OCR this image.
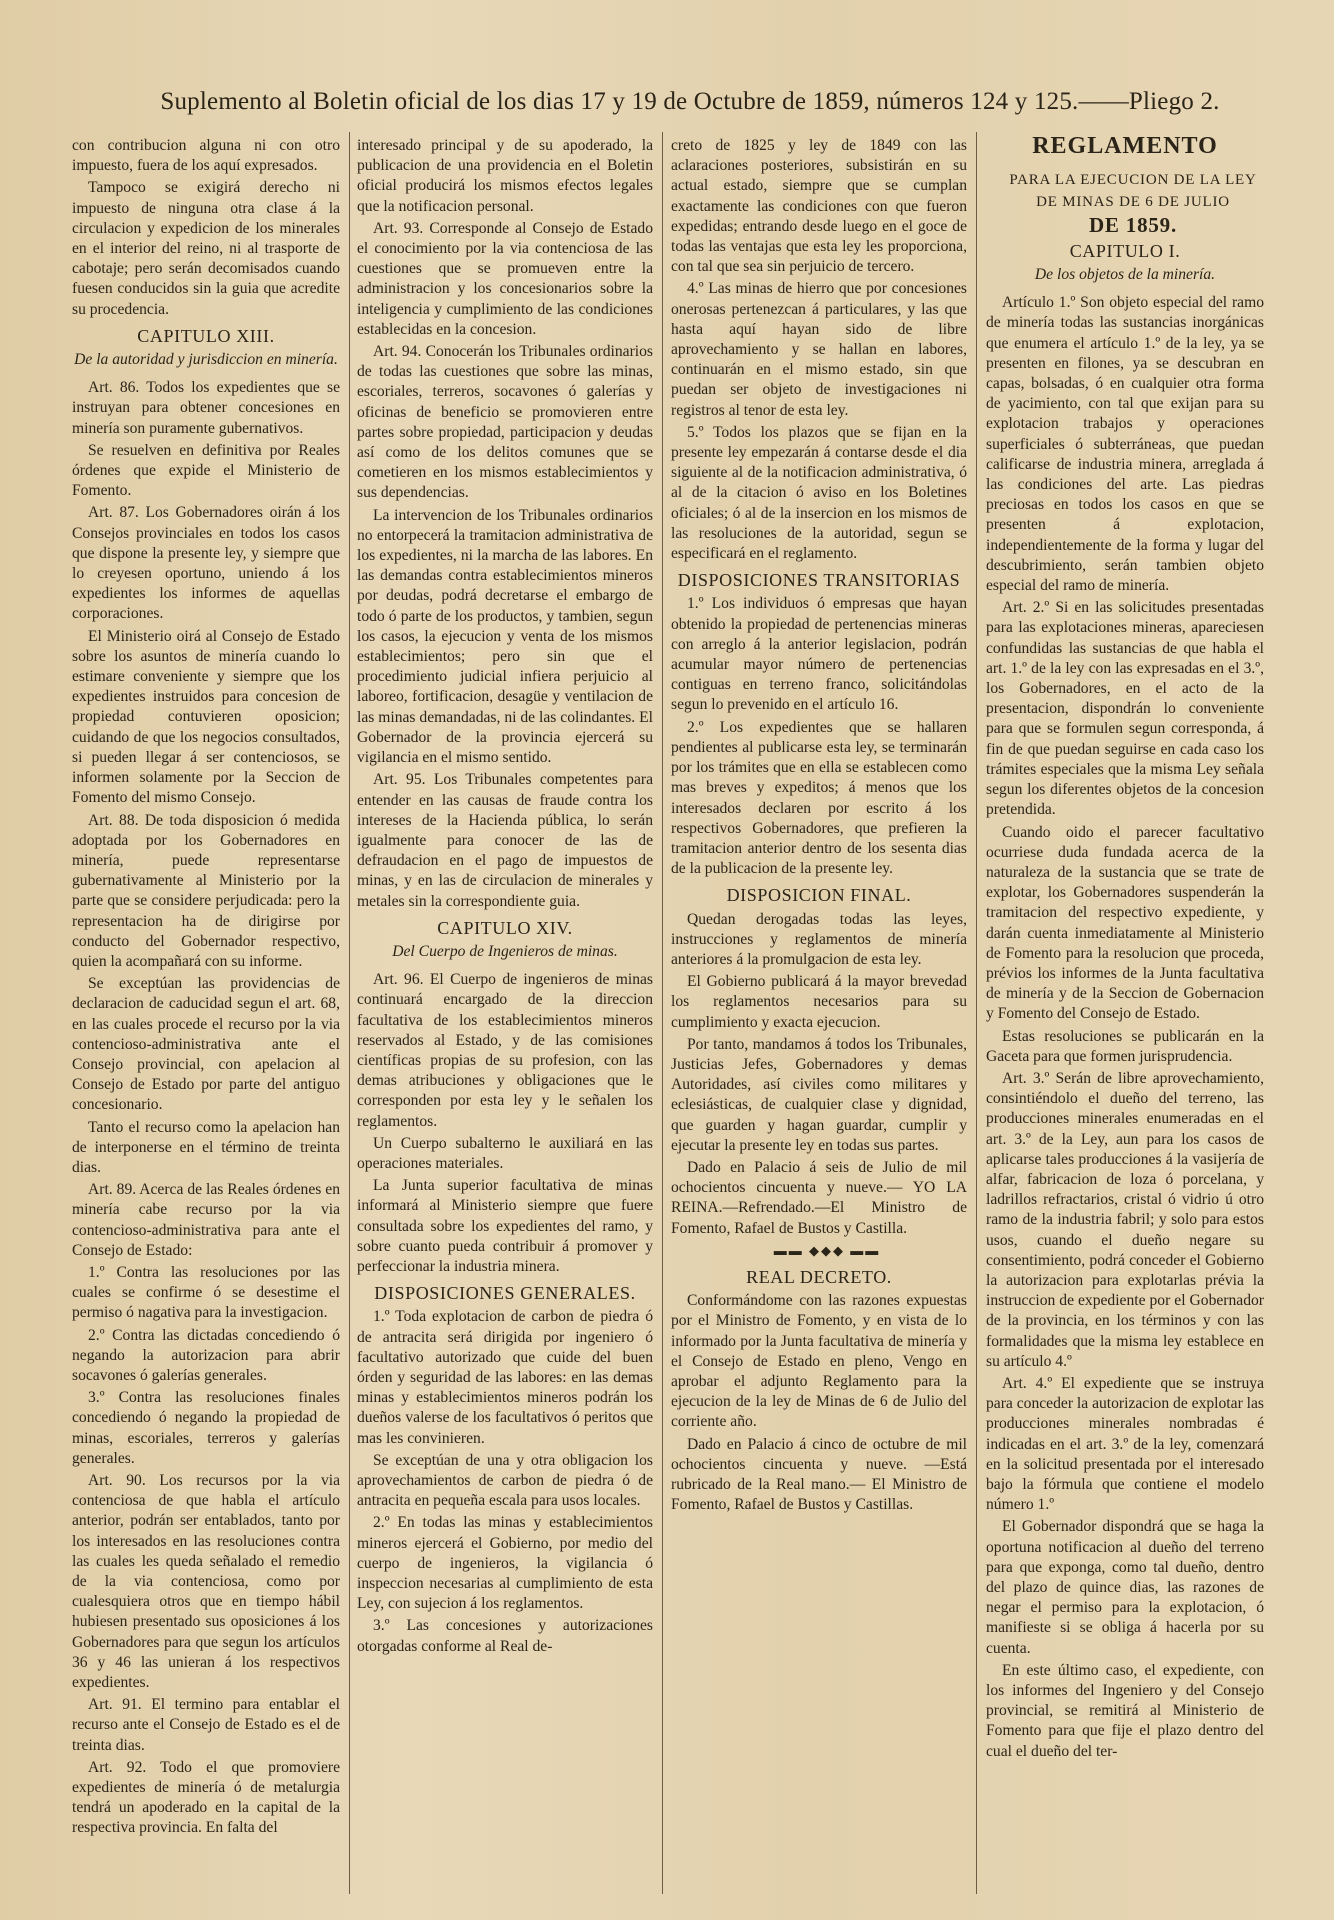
Suplemento al Boletin oficial de los dias 17 y 19 de Octubre de 1859, números 124 y 125.——Pliego 2.

con contribucion alguna ni con otro impuesto, fuera de los aquí expresados.

Tampoco se exigirá derecho ni impuesto de ninguna otra clase á la circulacion y expedicion de los minerales en el interior del reino, ni al trasporte de cabotaje; pero serán decomisados cuando fuesen conducidos sin la guia que acredite su procedencia.

CAPITULO XIII.

De la autoridad y jurisdiccion en minería.

Art. 86. Todos los expedientes que se instruyan para obtener concesiones en minería son puramente gubernativos.

Se resuelven en definitiva por Reales órdenes que expide el Ministerio de Fomento.

Art. 87. Los Gobernadores oirán á los Consejos provinciales en todos los casos que dispone la presente ley, y siempre que lo creyesen oportuno, uniendo á los expedientes los informes de aquellas corporaciones.

El Ministerio oirá al Consejo de Estado sobre los asuntos de minería cuando lo estimare conveniente y siempre que los expedientes instruidos para concesion de propiedad contuvieren oposicion; cuidando de que los negocios consultados, si pueden llegar á ser contenciosos, se informen solamente por la Seccion de Fomento del mismo Consejo.

Art. 88. De toda disposicion ó medida adoptada por los Gobernadores en minería, puede representarse gubernativamente al Ministerio por la parte que se considere perjudicada: pero la representacion ha de dirigirse por conducto del Gobernador respectivo, quien la acompañará con su informe.

Se exceptúan las providencias de declaracion de caducidad segun el art. 68, en las cuales procede el recurso por la via contencioso-administrativa ante el Consejo provincial, con apelacion al Consejo de Estado por parte del antiguo concesionario.

Tanto el recurso como la apelacion han de interponerse en el término de treinta dias.

Art. 89. Acerca de las Reales órdenes en minería cabe recurso por la via contencioso-administrativa para ante el Consejo de Estado:

1.º Contra las resoluciones por las cuales se confirme ó se desestime el permiso ó nagativa para la investigacion.

2.º Contra las dictadas concediendo ó negando la autorizacion para abrir socavones ó galerías generales.

3.º Contra las resoluciones finales concediendo ó negando la propiedad de minas, escoriales, terreros y galerías generales.

Art. 90. Los recursos por la via contenciosa de que habla el artículo anterior, podrán ser entablados, tanto por los interesados en las resoluciones contra las cuales les queda señalado el remedio de la via contenciosa, como por cualesquiera otros que en tiempo hábil hubiesen presentado sus oposiciones á los Gobernadores para que segun los artículos 36 y 46 las unieran á los respectivos expedientes.

Art. 91. El termino para entablar el recurso ante el Consejo de Estado es el de treinta dias.

Art. 92. Todo el que promoviere expedientes de minería ó de metalurgia tendrá un apoderado en la capital de la respectiva provincia. En falta del

interesado principal y de su apoderado, la publicacion de una providencia en el Boletin oficial producirá los mismos efectos legales que la notificacion personal.

Art. 93. Corresponde al Consejo de Estado el conocimiento por la via contenciosa de las cuestiones que se promueven entre la administracion y los concesionarios sobre la inteligencia y cumplimiento de las condiciones establecidas en la concesion.

Art. 94. Conocerán los Tribunales ordinarios de todas las cuestiones que sobre las minas, escoriales, terreros, socavones ó galerías y oficinas de beneficio se promovieren entre partes sobre propiedad, participacion y deudas así como de los delitos comunes que se cometieren en los mismos establecimientos y sus dependencias.

La intervencion de los Tribunales ordinarios no entorpecerá la tramitacion administrativa de los expedientes, ni la marcha de las labores. En las demandas contra establecimientos mineros por deudas, podrá decretarse el embargo de todo ó parte de los productos, y tambien, segun los casos, la ejecucion y venta de los mismos establecimientos; pero sin que el procedimiento judicial infiera perjuicio al laboreo, fortificacion, desagüe y ventilacion de las minas demandadas, ni de las colindantes. El Gobernador de la provincia ejercerá su vigilancia en el mismo sentido.

Art. 95. Los Tribunales competentes para entender en las causas de fraude contra los intereses de la Hacienda pública, lo serán igualmente para conocer de las de defraudacion en el pago de impuestos de minas, y en las de circulacion de minerales y metales sin la correspondiente guia.

CAPITULO XIV.

Del Cuerpo de Ingenieros de minas.

Art. 96. El Cuerpo de ingenieros de minas continuará encargado de la direccion facultativa de los establecimientos mineros reservados al Estado, y de las comisiones científicas propias de su profesion, con las demas atribuciones y obligaciones que le corresponden por esta ley y le señalen los reglamentos.

Un Cuerpo subalterno le auxiliará en las operaciones materiales.

La Junta superior facultativa de minas informará al Ministerio siempre que fuere consultada sobre los expedientes del ramo, y sobre cuanto pueda contribuir á promover y perfeccionar la industria minera.

DISPOSICIONES GENERALES.

1.º Toda explotacion de carbon de piedra ó de antracita será dirigida por ingeniero ó facultativo autorizado que cuide del buen órden y seguridad de las labores: en las demas minas y establecimientos mineros podrán los dueños valerse de los facultativos ó peritos que mas les convinieren.

Se exceptúan de una y otra obligacion los aprovechamientos de carbon de piedra ó de antracita en pequeña escala para usos locales.

2.º En todas las minas y establecimientos mineros ejercerá el Gobierno, por medio del cuerpo de ingenieros, la vigilancia ó inspeccion necesarias al cumplimiento de esta Ley, con sujecion á los reglamentos.

3.º Las concesiones y autorizaciones otorgadas conforme al Real de-

creto de 1825 y ley de 1849 con las aclaraciones posteriores, subsistirán en su actual estado, siempre que se cumplan exactamente las condiciones con que fueron expedidas; entrando desde luego en el goce de todas las ventajas que esta ley les proporciona, con tal que sea sin perjuicio de tercero.

4.º Las minas de hierro que por concesiones onerosas pertenezcan á particulares, y las que hasta aquí hayan sido de libre aprovechamiento y se hallan en labores, continuarán en el mismo estado, sin que puedan ser objeto de investigaciones ni registros al tenor de esta ley.

5.º Todos los plazos que se fijan en la presente ley empezarán á contarse desde el dia siguiente al de la notificacion administrativa, ó al de la citacion ó aviso en los Boletines oficiales; ó al de la insercion en los mismos de las resoluciones de la autoridad, segun se especificará en el reglamento.

DISPOSICIONES TRANSITORIAS

1.º Los individuos ó empresas que hayan obtenido la propiedad de pertenencias mineras con arreglo á la anterior legislacion, podrán acumular mayor número de pertenencias contiguas en terreno franco, solicitándolas segun lo prevenido en el artículo 16.

2.º Los expedientes que se hallaren pendientes al publicarse esta ley, se terminarán por los trámites que en ella se establecen como mas breves y expeditos; á menos que los interesados declaren por escrito á los respectivos Gobernadores, que prefieren la tramitacion anterior dentro de los sesenta dias de la publicacion de la presente ley.

DISPOSICION FINAL.

Quedan derogadas todas las leyes, instrucciones y reglamentos de minería anteriores á la promulgacion de esta ley.

El Gobierno publicará á la mayor brevedad los reglamentos necesarios para su cumplimiento y exacta ejecucion.

Por tanto, mandamos á todos los Tribunales, Justicias Jefes, Gobernadores y demas Autoridades, así civiles como militares y eclesiásticas, de cualquier clase y dignidad, que guarden y hagan guardar, cumplir y ejecutar la presente ley en todas sus partes.

Dado en Palacio á seis de Julio de mil ochocientos cincuenta y nueve.— YO LA REINA.—Refrendado.—El Ministro de Fomento, Rafael de Bustos y Castilla.

▬▬ ◆◆◆ ▬▬

REAL DECRETO.

Conformándome con las razones expuestas por el Ministro de Fomento, y en vista de lo informado por la Junta facultativa de minería y el Consejo de Estado en pleno, Vengo en aprobar el adjunto Reglamento para la ejecucion de la ley de Minas de 6 de Julio del corriente año.

Dado en Palacio á cinco de octubre de mil ochocientos cincuenta y nueve. —Está rubricado de la Real mano.— El Ministro de Fomento, Rafael de Bustos y Castillas.

REGLAMENTO

PARA LA EJECUCION DE LA LEY

DE MINAS DE 6 DE JULIO

DE 1859.

CAPITULO I.

De los objetos de la minería.

Artículo 1.º Son objeto especial del ramo de minería todas las sustancias inorgánicas que enumera el artículo 1.º de la ley, ya se presenten en filones, ya se descubran en capas, bolsadas, ó en cualquier otra forma de yacimiento, con tal que exijan para su explotacion trabajos y operaciones superficiales ó subterráneas, que puedan calificarse de industria minera, arreglada á las condiciones del arte. Las piedras preciosas en todos los casos en que se presenten á explotacion, independientemente de la forma y lugar del descubrimiento, serán tambien objeto especial del ramo de minería.

Art. 2.º Si en las solicitudes presentadas para las explotaciones mineras, apareciesen confundidas las sustancias de que habla el art. 1.º de la ley con las expresadas en el 3.º, los Gobernadores, en el acto de la presentacion, dispondrán lo conveniente para que se formulen segun corresponda, á fin de que puedan seguirse en cada caso los trámites especiales que la misma Ley señala segun los diferentes objetos de la concesion pretendida.

Cuando oido el parecer facultativo ocurriese duda fundada acerca de la naturaleza de la sustancia que se trate de explotar, los Gobernadores suspenderán la tramitacion del respectivo expediente, y darán cuenta inmediatamente al Ministerio de Fomento para la resolucion que proceda, prévios los informes de la Junta facultativa de minería y de la Seccion de Gobernacion y Fomento del Consejo de Estado.

Estas resoluciones se publicarán en la Gaceta para que formen jurisprudencia.

Art. 3.º Serán de libre aprovechamiento, consintiéndolo el dueño del terreno, las producciones minerales enumeradas en el art. 3.º de la Ley, aun para los casos de aplicarse tales producciones á la vasijería de alfar, fabricacion de loza ó porcelana, y ladrillos refractarios, cristal ó vidrio ú otro ramo de la industria fabril; y solo para estos usos, cuando el dueño negare su consentimiento, podrá conceder el Gobierno la autorizacion para explotarlas prévia la instruccion de expediente por el Gobernador de la provincia, en los términos y con las formalidades que la misma ley establece en su artículo 4.º

Art. 4.º El expediente que se instruya para conceder la autorizacion de explotar las producciones minerales nombradas é indicadas en el art. 3.º de la ley, comenzará en la solicitud presentada por el interesado bajo la fórmula que contiene el modelo número 1.º

El Gobernador dispondrá que se haga la oportuna notificacion al dueño del terreno para que exponga, como tal dueño, dentro del plazo de quince dias, las razones de negar el permiso para la explotacion, ó manifieste si se obliga á hacerla por su cuenta.

En este último caso, el expediente, con los informes del Ingeniero y del Consejo provincial, se remitirá al Ministerio de Fomento para que fije el plazo dentro del cual el dueño del ter-
